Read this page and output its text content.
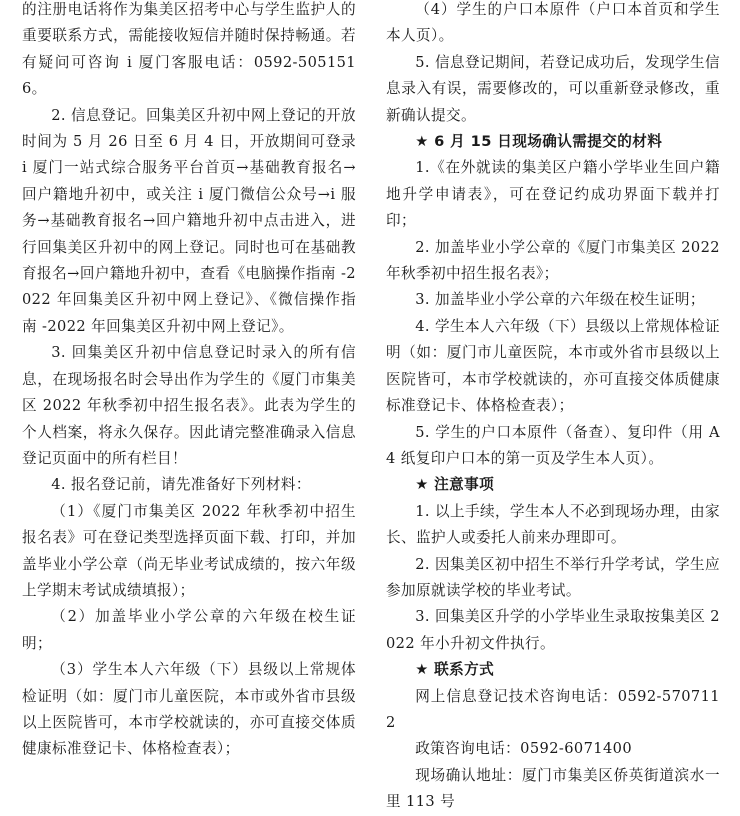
的注册电话将作为集美区招考中心与学生监护人的重要联系方式，需能接收短信并随时保持畅通。若有疑问可咨询 i 厦门客服电话：0592-5051516。

2. 信息登记。回集美区升初中网上登记的开放时间为 5 月 26 日至 6 月 4 日，开放期间可登录 i 厦门一站式综合服务平台首页→基础教育报名→回户籍地升初中，或关注 i 厦门微信公众号→i 服务→基础教育报名→回户籍地升初中点击进入，进行回集美区升初中的网上登记。同时也可在基础教育报名→回户籍地升初中，查看《电脑操作指南 -2022 年回集美区升初中网上登记》、《微信操作指南 -2022 年回集美区升初中网上登记》。

3. 回集美区升初中信息登记时录入的所有信息，在现场报名时会导出作为学生的《厦门市集美区 2022 年秋季初中招生报名表》。此表为学生的个人档案，将永久保存。因此请完整准确录入信息登记页面中的所有栏目！

4. 报名登记前，请先准备好下列材料：

（1）《厦门市集美区 2022 年秋季初中招生报名表》可在登记类型选择页面下载、打印，并加盖毕业小学公章（尚无毕业考试成绩的，按六年级上学期末考试成绩填报）；

（2）加盖毕业小学公章的六年级在校生证明；

（3）学生本人六年级（下）县级以上常规体检证明（如：厦门市儿童医院，本市或外省市县级以上医院皆可，本市学校就读的，亦可直接交体质健康标准登记卡、体格检查表）；

（4）学生的户口本原件（户口本首页和学生本人页）。

5. 信息登记期间，若登记成功后，发现学生信息录入有误，需要修改的，可以重新登录修改，重新确认提交。

★ 6 月 15 日现场确认需提交的材料

1.《在外就读的集美区户籍小学毕业生回户籍地升学申请表》，可在登记约成功界面下载并打印；

2. 加盖毕业小学公章的《厦门市集美区 2022 年秋季初中招生报名表》；

3. 加盖毕业小学公章的六年级在校生证明；

4. 学生本人六年级（下）县级以上常规体检证明（如：厦门市儿童医院，本市或外省市县级以上医院皆可，本市学校就读的，亦可直接交体质健康标准登记卡、体格检查表）；

5. 学生的户口本原件（备查）、复印件（用 A4 纸复印户口本的第一页及学生本人页）。

★ 注意事项

1. 以上手续，学生本人不必到现场办理，由家长、监护人或委托人前来办理即可。

2. 因集美区初中招生不举行升学考试，学生应参加原就读学校的毕业考试。

3. 回集美区升学的小学毕业生录取按集美区 2022 年小升初文件执行。

★ 联系方式

网上信息登记技术咨询电话：0592-5707112

政策咨询电话：0592-6071400

现场确认地址：厦门市集美区侨英街道滨水一里 113 号
